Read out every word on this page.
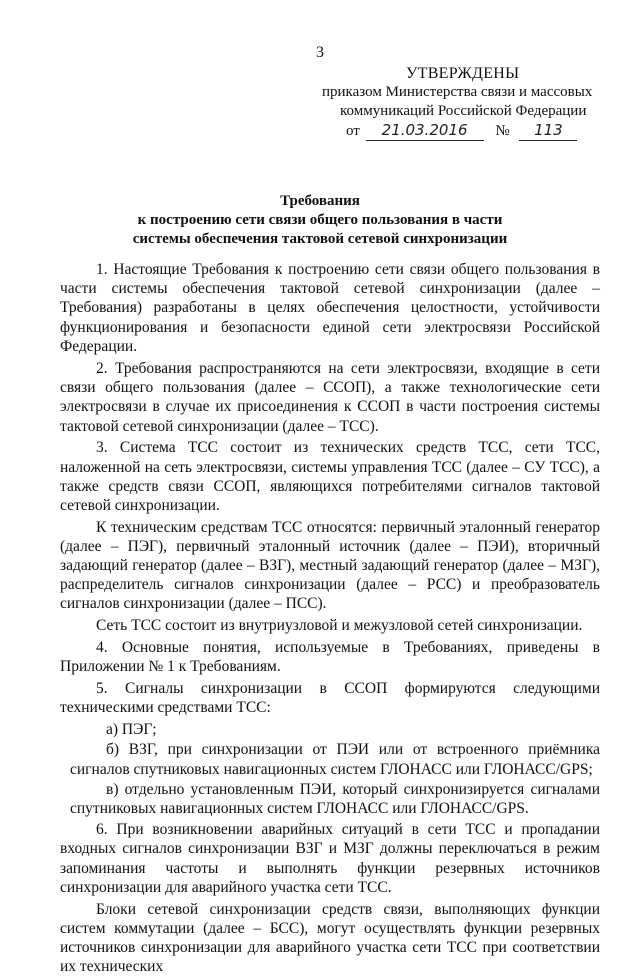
3
УТВЕРЖДЕНЫ
приказом Министерства связи и массовых
коммуникаций Российской Федерации
от 21.03.2016 № 113
Требования
к построению сети связи общего пользования в части
системы обеспечения тактовой сетевой синхронизации

1. Настоящие Требования к построению сети связи общего пользования в части системы обеспечения тактовой сетевой синхронизации (далее – Требования) разработаны в целях обеспечения целостности, устойчивости функционирования и безопасности единой сети электросвязи Российской Федерации.

2. Требования распространяются на сети электросвязи, входящие в сети связи общего пользования (далее – ССОП), а также технологические сети электросвязи в случае их присоединения к ССОП в части построения системы тактовой сетевой синхронизации (далее – ТСС).

3. Система ТСС состоит из технических средств ТСС, сети ТСС, наложенной на сеть электросвязи, системы управления ТСС (далее – СУ ТСС), а также средств связи ССОП, являющихся потребителями сигналов тактовой сетевой синхронизации.

К техническим средствам ТСС относятся: первичный эталонный генератор (далее – ПЭГ), первичный эталонный источник (далее – ПЭИ), вторичный задающий генератор (далее – ВЗГ), местный задающий генератор (далее – МЗГ), распределитель сигналов синхронизации (далее – РСС) и преобразователь сигналов синхронизации (далее – ПСС).

Сеть ТСС состоит из внутриузловой и межузловой сетей синхронизации.

4. Основные понятия, используемые в Требованиях, приведены в Приложении № 1 к Требованиям.

5. Сигналы синхронизации в ССОП формируются следующими техническими средствами ТСС:

а) ПЭГ;

б) ВЗГ, при синхронизации от ПЭИ или от встроенного приёмника сигналов спутниковых навигационных систем ГЛОНАСС или ГЛОНАСС/GPS;

в) отдельно установленным ПЭИ, который синхронизируется сигналами спутниковых навигационных систем ГЛОНАСС или ГЛОНАСС/GPS.

6. При возникновении аварийных ситуаций в сети ТСС и пропадании входных сигналов синхронизации ВЗГ и МЗГ должны переключаться в режим запоминания частоты и выполнять функции резервных источников синхронизации для аварийного участка сети ТСС.

Блоки сетевой синхронизации средств связи, выполняющих функции систем коммутации (далее – БСС), могут осуществлять функции резервных источников синхронизации для аварийного участка сети ТСС при соответствии их технических
